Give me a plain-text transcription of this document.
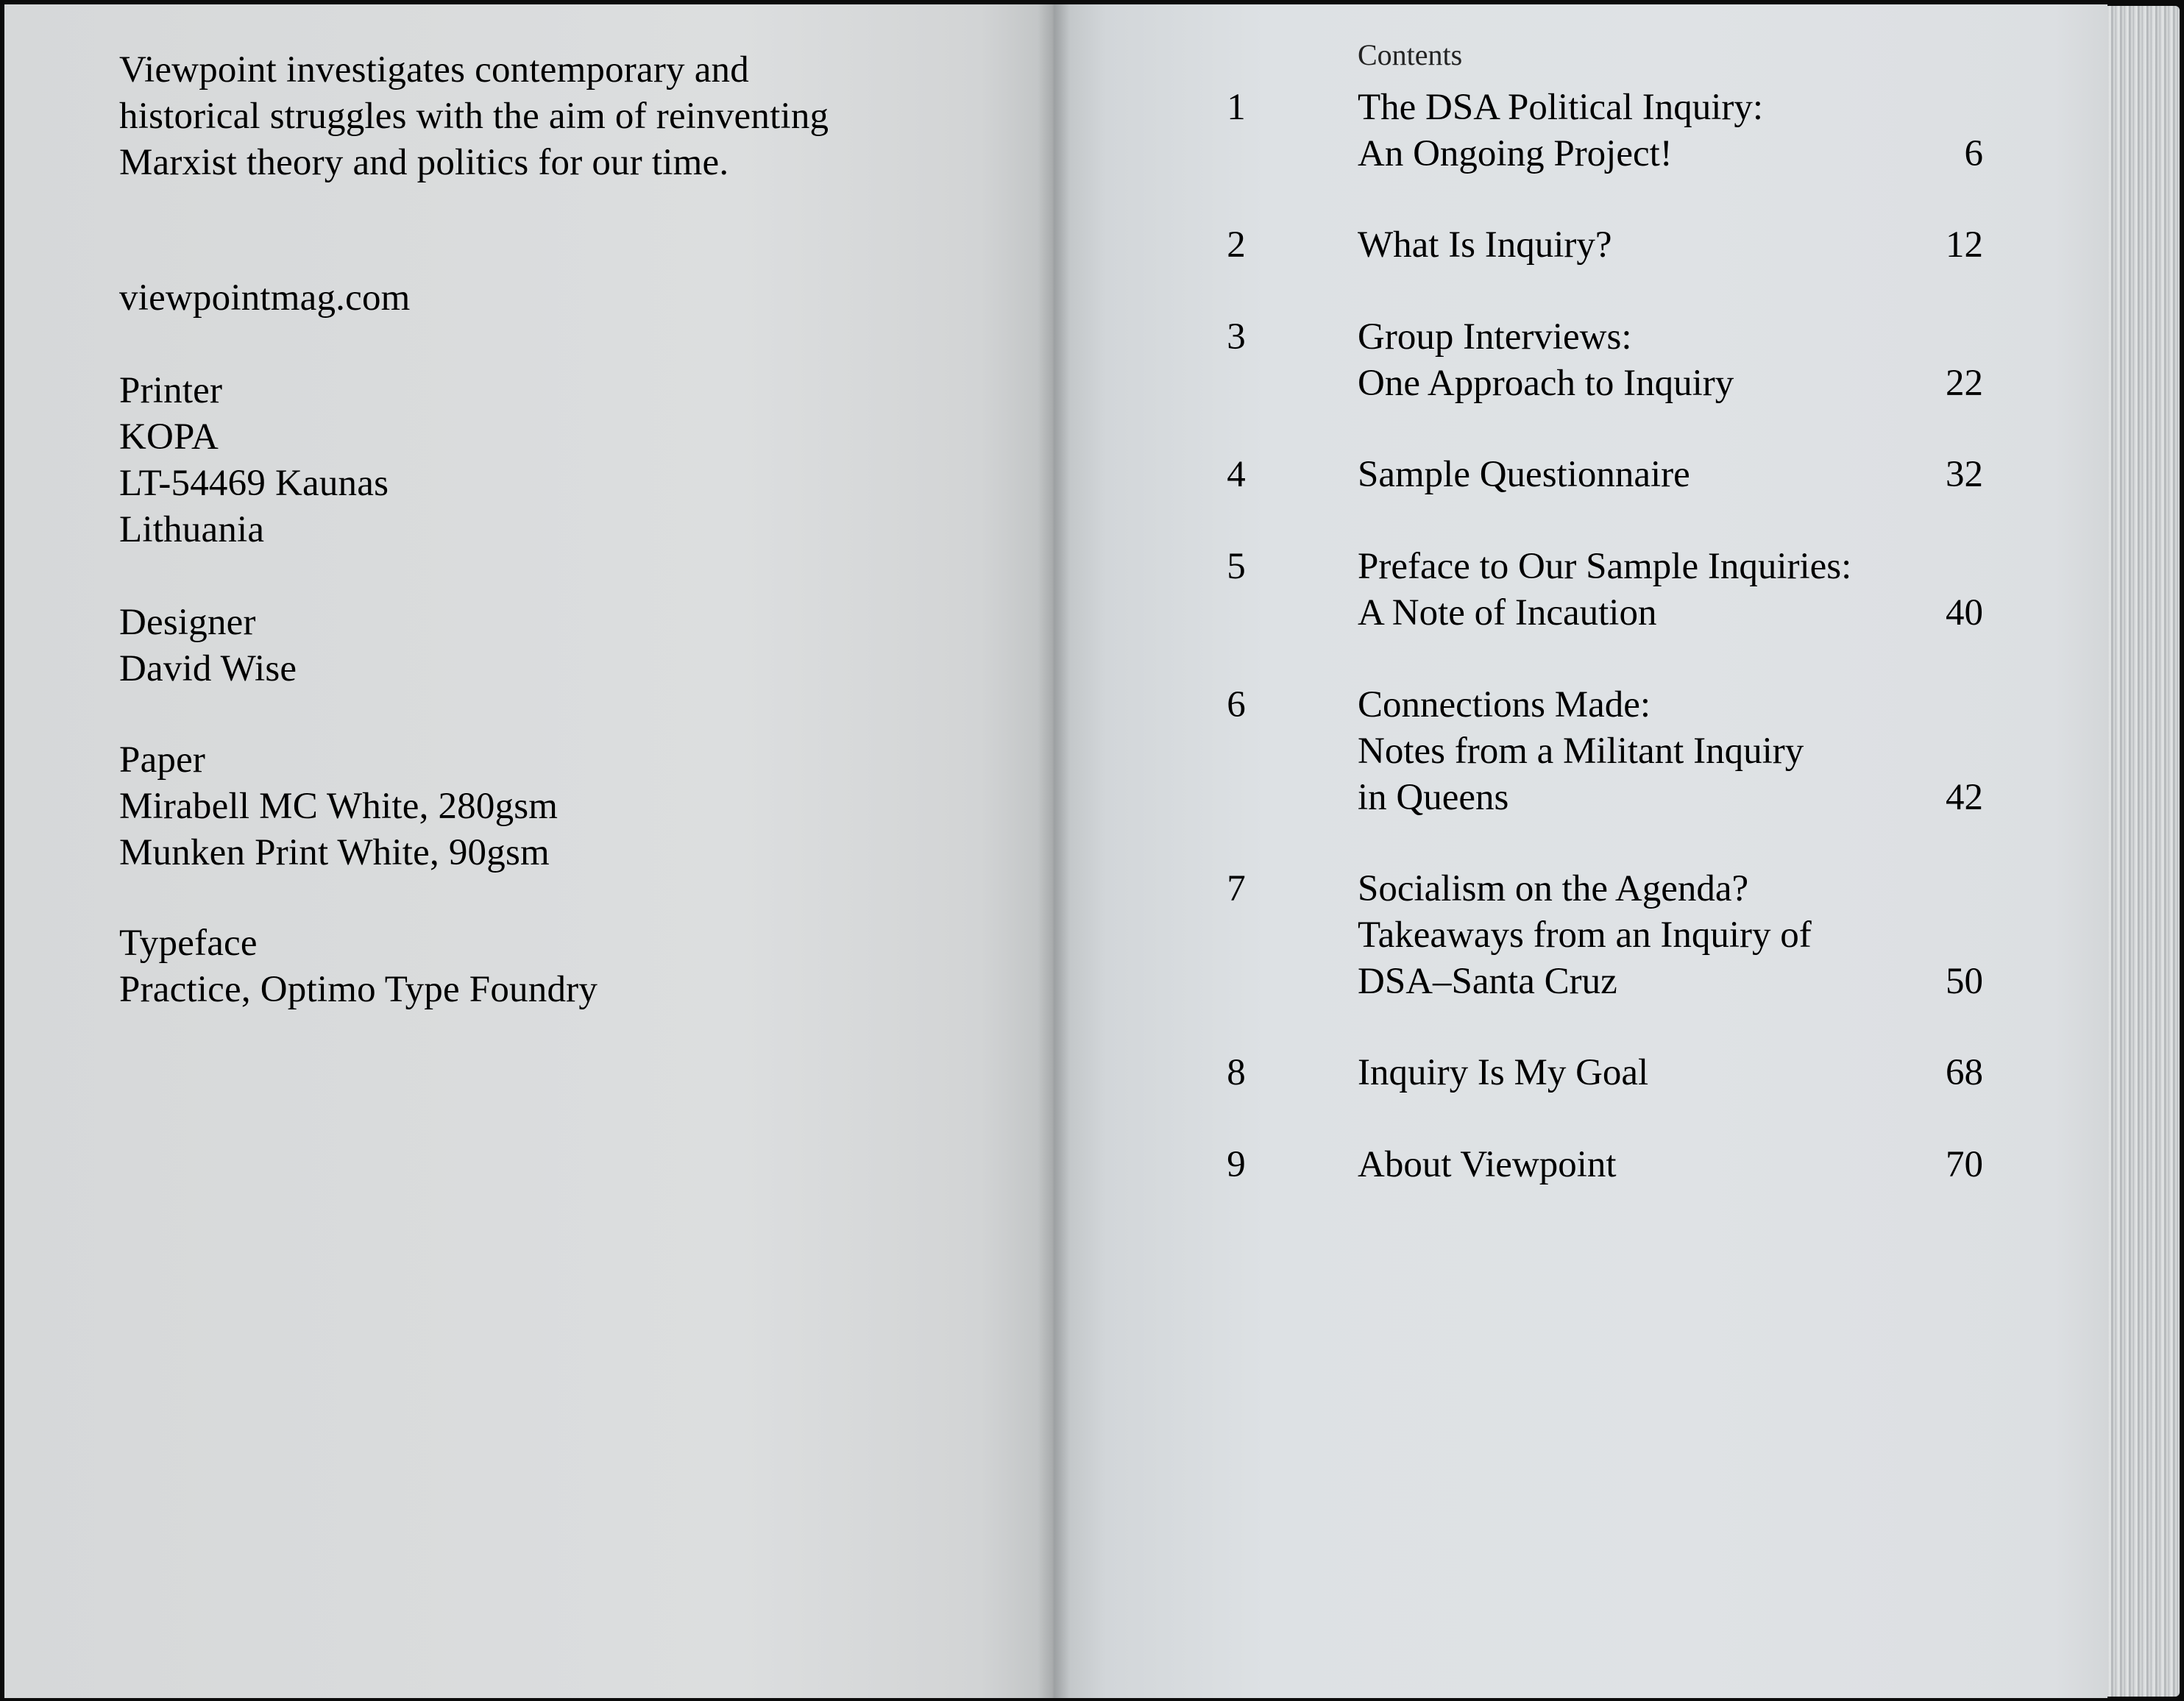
Viewpoint investigates contemporary and
historical struggles with the aim of reinventing
Marxist theory and politics for our time.
viewpointmag.com
Printer
KOPA
LT-54469 Kaunas
Lithuania
Designer
David Wise
Paper
Mirabell MC White, 280gsm
Munken Print White, 90gsm
Typeface
Practice, Optimo Type Foundry
Contents
1	The DSA Political Inquiry:
An Ongoing Project!	6
2	What Is Inquiry?	12
3	Group Interviews:
One Approach to Inquiry	22
4	Sample Questionnaire	32
5	Preface to Our Sample Inquiries:
A Note of Incaution	40
6	Connections Made:
Notes from a Militant Inquiry
in Queens	42
7	Socialism on the Agenda?
Takeaways from an Inquiry of
DSA–Santa Cruz	50
8	Inquiry Is My Goal	68
9	About Viewpoint	70
